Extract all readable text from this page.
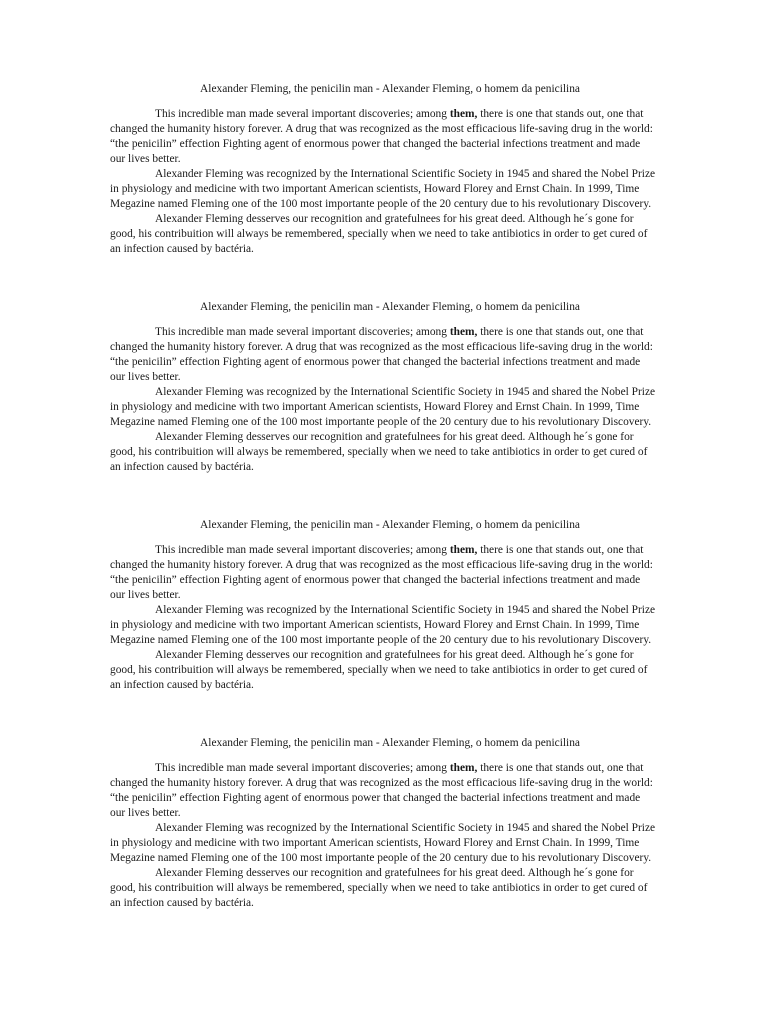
Alexander Fleming, the penicilin man - Alexander Fleming, o homem da penicilina

This incredible man made several important discoveries; among them, there is one that stands out, one that changed the humanity history forever. A drug that was recognized as the most efficacious life-saving drug in the world: “the penicilin” effection Fighting agent of enormous power that changed the bacterial infections treatment and made our lives better.

Alexander Fleming was recognized by the International Scientific Society in 1945 and shared the Nobel Prize in physiology and medicine with two important American scientists, Howard Florey and Ernst Chain. In 1999, Time Megazine named Fleming one of the 100 most importante people of the 20 century due to his revolutionary Discovery.

Alexander Fleming desserves our recognition and gratefulnees for his great deed. Although he´s gone for good, his contribuition will always be remembered, specially when we need to take antibiotics in order to get cured of an infection caused by bactéria.

Alexander Fleming, the penicilin man - Alexander Fleming, o homem da penicilina

This incredible man made several important discoveries; among them, there is one that stands out, one that changed the humanity history forever. A drug that was recognized as the most efficacious life-saving drug in the world: “the penicilin” effection Fighting agent of enormous power that changed the bacterial infections treatment and made our lives better.

Alexander Fleming was recognized by the International Scientific Society in 1945 and shared the Nobel Prize in physiology and medicine with two important American scientists, Howard Florey and Ernst Chain. In 1999, Time Megazine named Fleming one of the 100 most importante people of the 20 century due to his revolutionary Discovery.

Alexander Fleming desserves our recognition and gratefulnees for his great deed. Although he´s gone for good, his contribuition will always be remembered, specially when we need to take antibiotics in order to get cured of an infection caused by bactéria.

Alexander Fleming, the penicilin man - Alexander Fleming, o homem da penicilina

This incredible man made several important discoveries; among them, there is one that stands out, one that changed the humanity history forever. A drug that was recognized as the most efficacious life-saving drug in the world: “the penicilin” effection Fighting agent of enormous power that changed the bacterial infections treatment and made our lives better.

Alexander Fleming was recognized by the International Scientific Society in 1945 and shared the Nobel Prize in physiology and medicine with two important American scientists, Howard Florey and Ernst Chain. In 1999, Time Megazine named Fleming one of the 100 most importante people of the 20 century due to his revolutionary Discovery.

Alexander Fleming desserves our recognition and gratefulnees for his great deed. Although he´s gone for good, his contribuition will always be remembered, specially when we need to take antibiotics in order to get cured of an infection caused by bactéria.

Alexander Fleming, the penicilin man - Alexander Fleming, o homem da penicilina

This incredible man made several important discoveries; among them, there is one that stands out, one that changed the humanity history forever. A drug that was recognized as the most efficacious life-saving drug in the world: “the penicilin” effection Fighting agent of enormous power that changed the bacterial infections treatment and made our lives better.

Alexander Fleming was recognized by the International Scientific Society in 1945 and shared the Nobel Prize in physiology and medicine with two important American scientists, Howard Florey and Ernst Chain. In 1999, Time Megazine named Fleming one of the 100 most importante people of the 20 century due to his revolutionary Discovery.

Alexander Fleming desserves our recognition and gratefulnees for his great deed. Although he´s gone for good, his contribuition will always be remembered, specially when we need to take antibiotics in order to get cured of an infection caused by bactéria.
